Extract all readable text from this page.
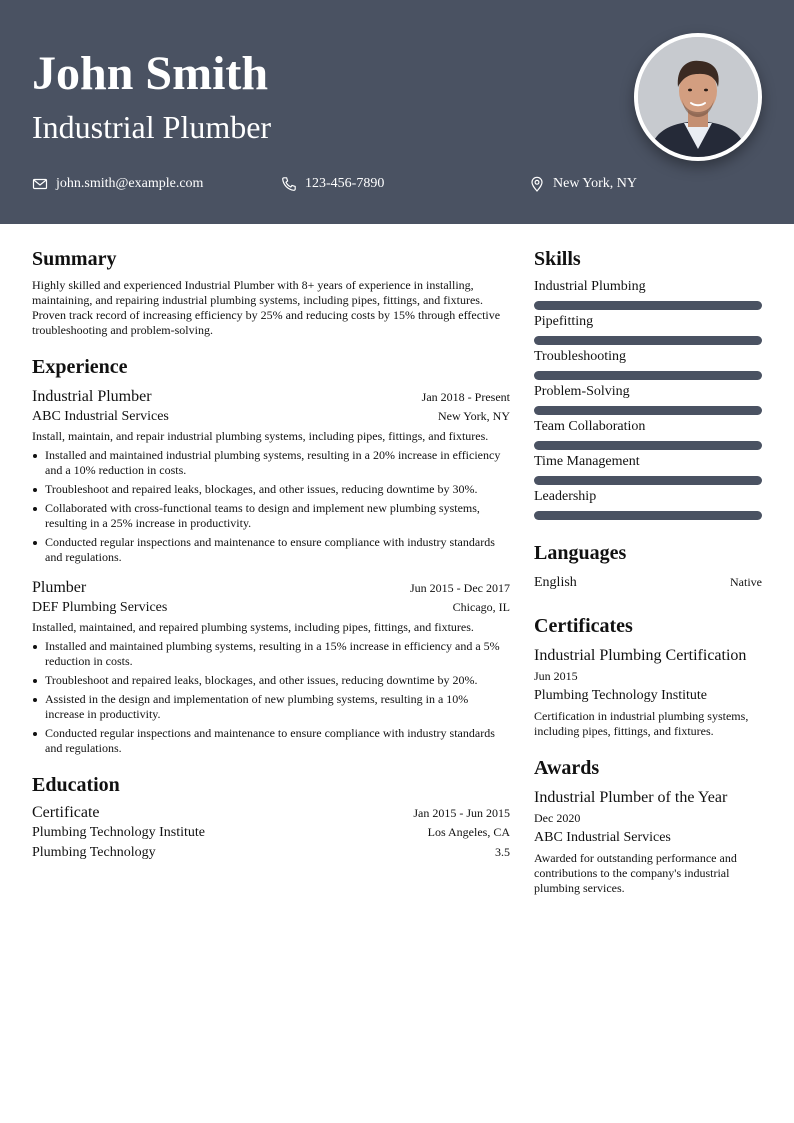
John Smith
Industrial Plumber
john.smith@example.com	123-456-7890	New York, NY
Summary

Highly skilled and experienced Industrial Plumber with 8+ years of experience in installing, maintaining, and repairing industrial plumbing systems, including pipes, fittings, and fixtures. Proven track record of increasing efficiency by 25% and reducing costs by 15% through effective troubleshooting and problem-solving.

Experience
Industrial Plumber	Jan 2018 - Present
ABC Industrial Services	New York, NY

Install, maintain, and repair industrial plumbing systems, including pipes, fittings, and fixtures.

Installed and maintained industrial plumbing systems, resulting in a 20% increase in efficiency and a 10% reduction in costs.
Troubleshoot and repaired leaks, blockages, and other issues, reducing downtime by 30%.
Collaborated with cross-functional teams to design and implement new plumbing systems, resulting in a 25% increase in productivity.
Conducted regular inspections and maintenance to ensure compliance with industry standards and regulations.
Plumber	Jun 2015 - Dec 2017
DEF Plumbing Services	Chicago, IL

Installed, maintained, and repaired plumbing systems, including pipes, fittings, and fixtures.

Installed and maintained plumbing systems, resulting in a 15% increase in efficiency and a 5% reduction in costs.
Troubleshoot and repaired leaks, blockages, and other issues, reducing downtime by 20%.
Assisted in the design and implementation of new plumbing systems, resulting in a 10% increase in productivity.
Conducted regular inspections and maintenance to ensure compliance with industry standards and regulations.
Education
Certificate	Jan 2015 - Jun 2015
Plumbing Technology Institute	Los Angeles, CA
Plumbing Technology	3.5
Skills
Industrial Plumbing
Pipefitting
Troubleshooting
Problem-Solving
Team Collaboration
Time Management
Leadership
Languages
English	Native
Certificates
Industrial Plumbing Certification
Jun 2015
Plumbing Technology Institute
Certification in industrial plumbing systems, including pipes, fittings, and fixtures.
Awards
Industrial Plumber of the Year
Dec 2020
ABC Industrial Services
Awarded for outstanding performance and contributions to the company's industrial plumbing services.
